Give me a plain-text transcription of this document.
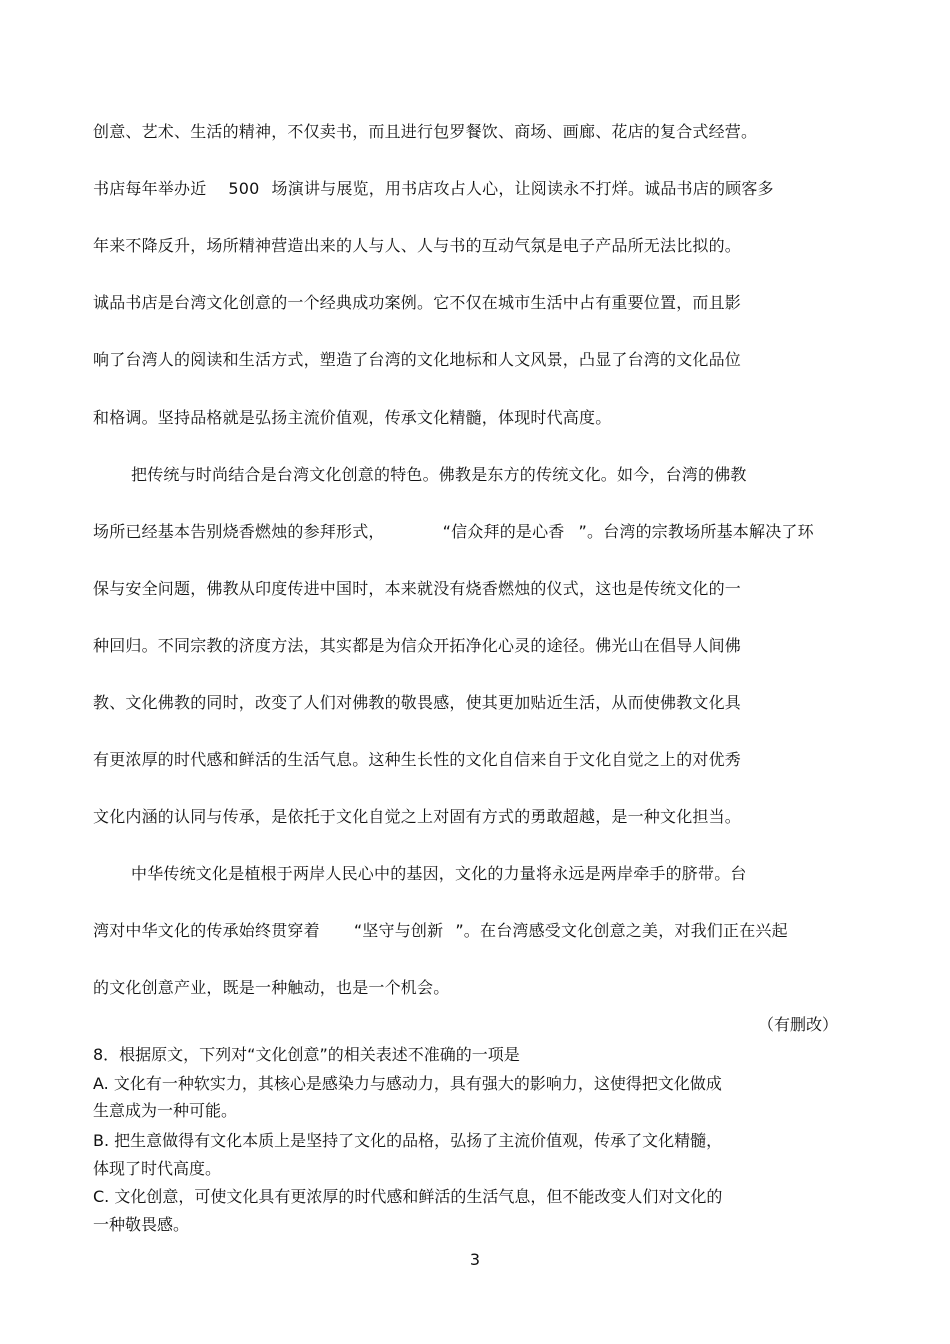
创意、艺术、生活的精神，不仅卖书，而且进行包罗餐饮、商场、画廊、花店的复合式经营。
书店每年举办近 500 场演讲与展览，用书店攻占人心，让阅读永不打烊。诚品书店的顾客多
年来不降反升，场所精神营造出来的人与人、人与书的互动气氛是电子产品所无法比拟的。
诚品书店是台湾文化创意的一个经典成功案例。它不仅在城市生活中占有重要位置，而且影
响了台湾人的阅读和生活方式，塑造了台湾的文化地标和人文风景，凸显了台湾的文化品位
和格调。坚持品格就是弘扬主流价值观，传承文化精髓，体现时代高度。
把传统与时尚结合是台湾文化创意的特色。佛教是东方的传统文化。如今，台湾的佛教
场所已经基本告别烧香燃烛的参拜形式，	“信众拜的是心香 ”。台湾的宗教场所基本解决了环
保与安全问题，佛教从印度传进中国时，本来就没有烧香燃烛的仪式，这也是传统文化的一
种回归。不同宗教的济度方法，其实都是为信众开拓净化心灵的途径。佛光山在倡导人间佛
教、文化佛教的同时，改变了人们对佛教的敬畏感，使其更加贴近生活，从而使佛教文化具
有更浓厚的时代感和鲜活的生活气息。这种生长性的文化自信来自于文化自觉之上的对优秀
文化内涵的认同与传承，是依托于文化自觉之上对固有方式的勇敢超越，是一种文化担当。
中华传统文化是植根于两岸人民心中的基因，文化的力量将永远是两岸牵手的脐带。台
湾对中华文化的传承始终贯穿着 “坚守与创新 ”。在台湾感受文化创意之美，对我们正在兴起
的文化创意产业，既是一种触动，也是一个机会。
（有删改）
8．根据原文，下列对“文化创意”的相关表述不准确的一项是
A. 文化有一种软实力，其核心是感染力与感动力，具有强大的影响力，这使得把文化做成
生意成为一种可能。
B. 把生意做得有文化本质上是坚持了文化的品格，弘扬了主流价值观，传承了文化精髓，
体现了时代高度。
C. 文化创意，可使文化具有更浓厚的时代感和鲜活的生活气息，但不能改变人们对文化的
一种敬畏感。
3
